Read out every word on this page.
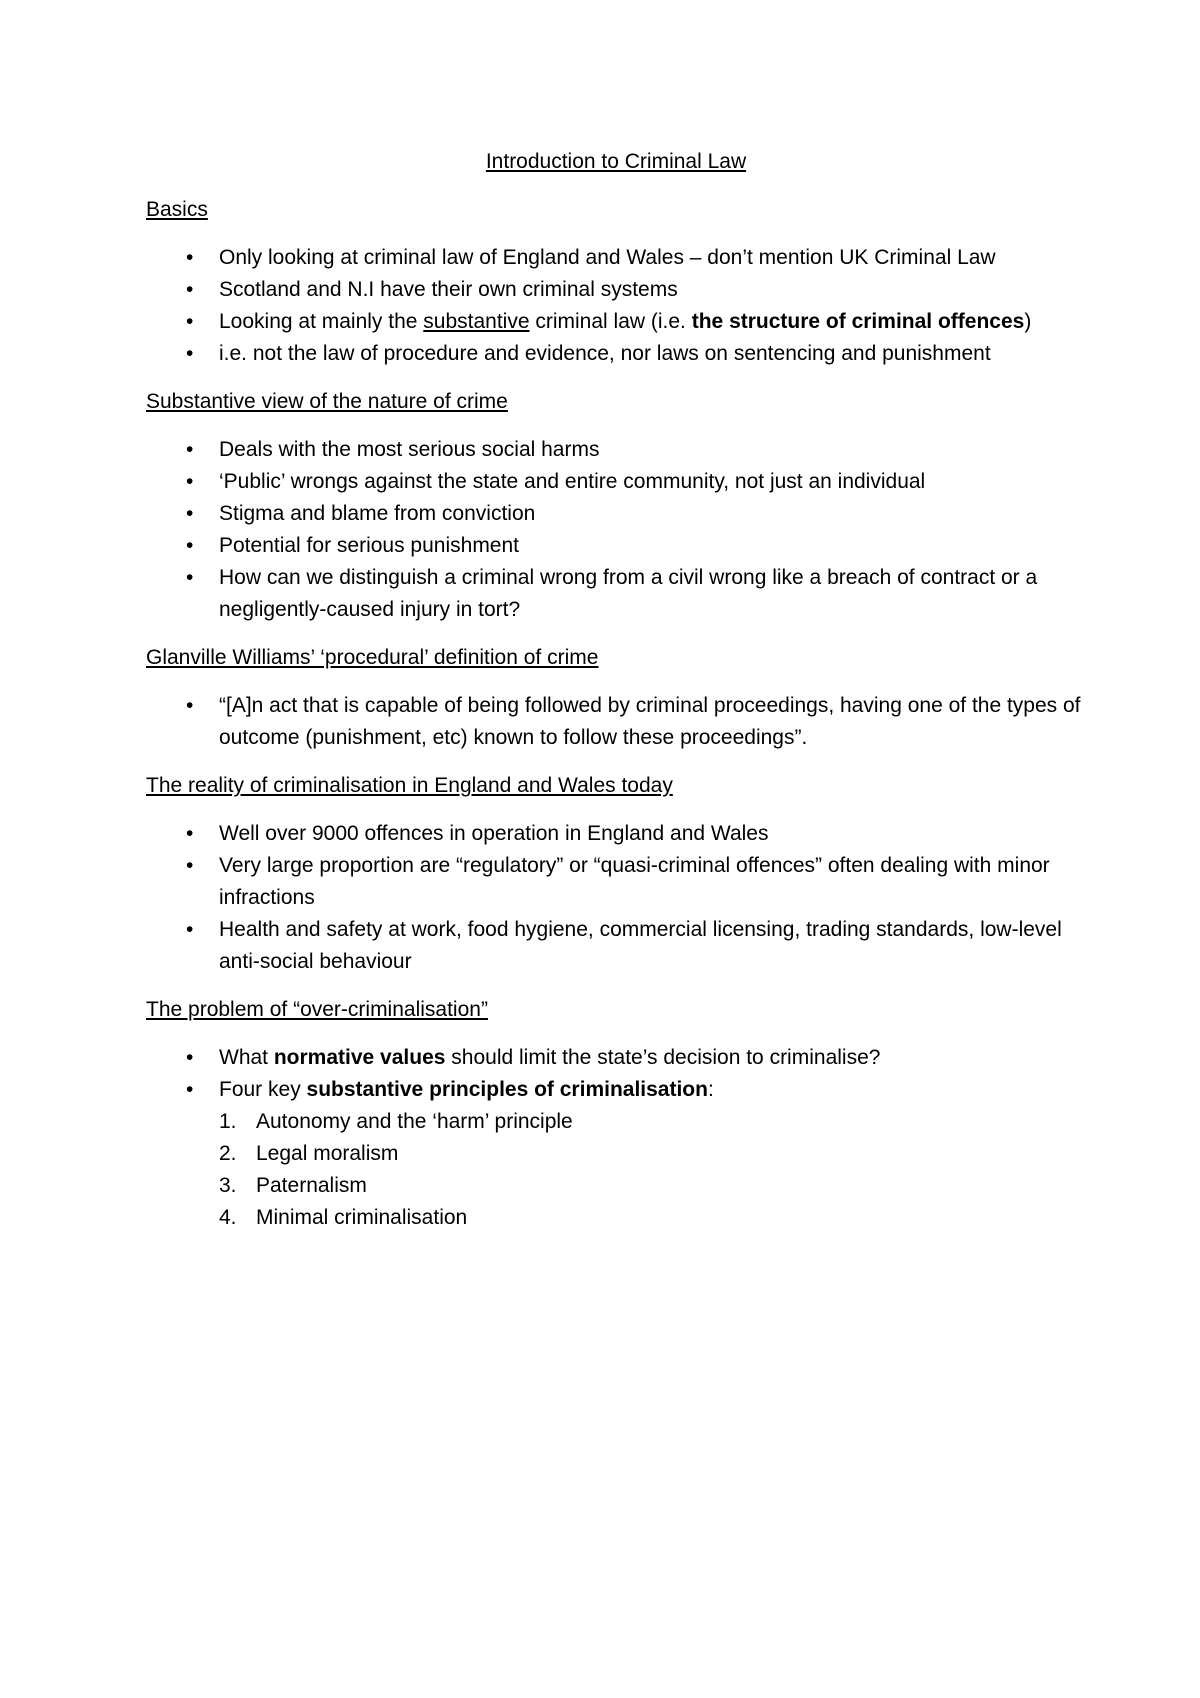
Introduction to Criminal Law
Basics
•	Only looking at criminal law of England and Wales – don’t mention UK Criminal Law
•	Scotland and N.I have their own criminal systems
•	Looking at mainly the substantive criminal law (i.e. the structure of criminal offences)
•	i.e. not the law of procedure and evidence, nor laws on sentencing and punishment
Substantive view of the nature of crime
•	Deals with the most serious social harms
•	‘Public’ wrongs against the state and entire community, not just an individual
•	Stigma and blame from conviction
•	Potential for serious punishment
•	How can we distinguish a criminal wrong from a civil wrong like a breach of contract or a negligently-caused injury in tort?
Glanville Williams’ ‘procedural’ definition of crime
•	“[A]n act that is capable of being followed by criminal proceedings, having one of the types of outcome (punishment, etc) known to follow these proceedings”.
The reality of criminalisation in England and Wales today
•	Well over 9000 offences in operation in England and Wales
•	Very large proportion are “regulatory” or “quasi-criminal offences” often dealing with minor infractions
•	Health and safety at work, food hygiene, commercial licensing, trading standards, low-level anti-social behaviour
The problem of “over-criminalisation”
•	What normative values should limit the state’s decision to criminalise?
•	Four key substantive principles of criminalisation:
1. Autonomy and the ‘harm’ principle
2. Legal moralism
3. Paternalism
4. Minimal criminalisation
